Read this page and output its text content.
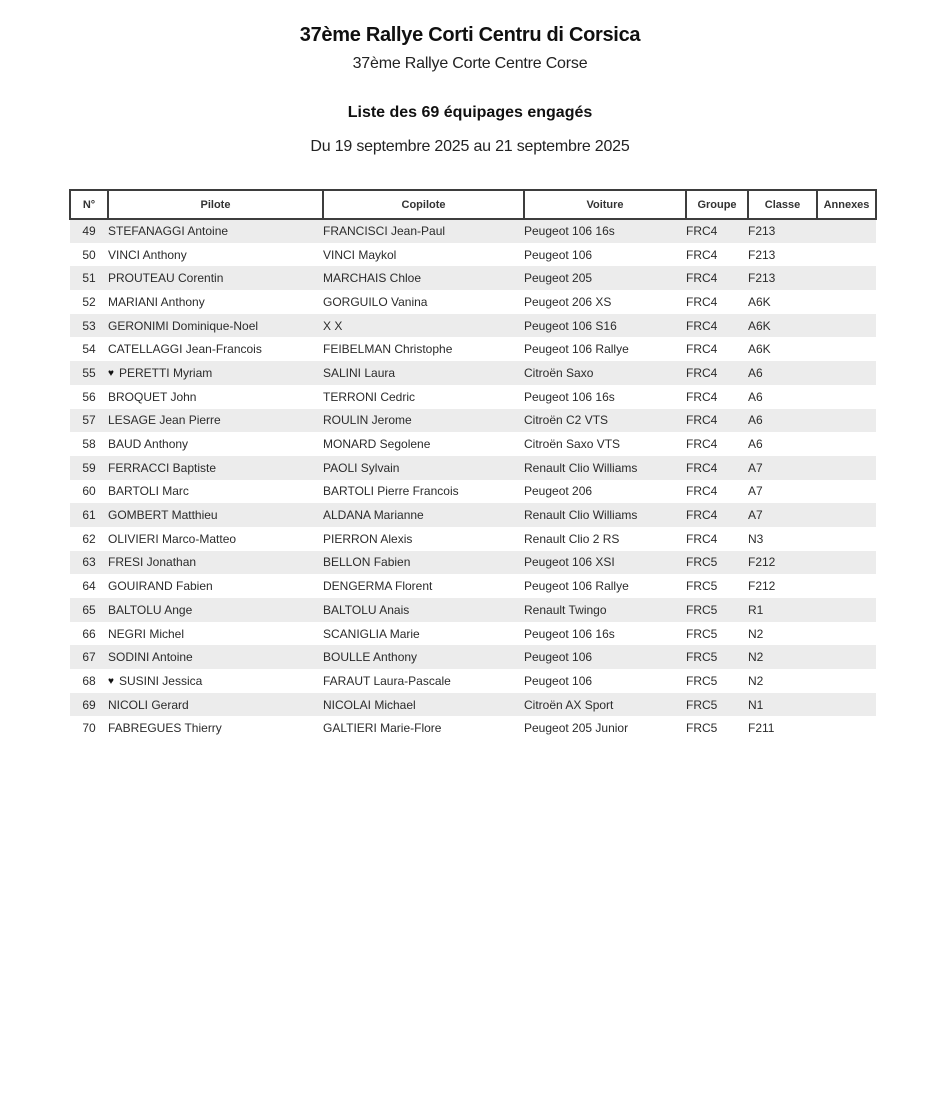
37ème Rallye Corti Centru di Corsica
37ème Rallye Corte Centre Corse
Liste des 69 équipages engagés
Du 19 septembre 2025 au 21 septembre 2025
N°	Pilote	Copilote	Voiture	Groupe	Classe	Annexes
49	STEFANAGGI Antoine	FRANCISCI Jean-Paul	Peugeot 106 16s	FRC4	F213	
50	VINCI Anthony	VINCI Maykol	Peugeot 106	FRC4	F213	
51	PROUTEAU Corentin	MARCHAIS Chloe	Peugeot 205	FRC4	F213	
52	MARIANI Anthony	GORGUILO Vanina	Peugeot 206 XS	FRC4	A6K	
53	GERONIMI Dominique-Noel	X X	Peugeot 106 S16	FRC4	A6K	
54	CATELLAGGI Jean-Francois	FEIBELMAN Christophe	Peugeot 106 Rallye	FRC4	A6K	
55	♥ PERETTI Myriam	SALINI Laura	Citroën Saxo	FRC4	A6	
56	BROQUET John	TERRONI Cedric	Peugeot 106 16s	FRC4	A6	
57	LESAGE Jean Pierre	ROULIN Jerome	Citroën C2 VTS	FRC4	A6	
58	BAUD Anthony	MONARD Segolene	Citroën Saxo VTS	FRC4	A6	
59	FERRACCI Baptiste	PAOLI Sylvain	Renault Clio Williams	FRC4	A7	
60	BARTOLI Marc	BARTOLI Pierre Francois	Peugeot 206	FRC4	A7	
61	GOMBERT Matthieu	ALDANA Marianne	Renault Clio Williams	FRC4	A7	
62	OLIVIERI Marco-Matteo	PIERRON Alexis	Renault Clio 2 RS	FRC4	N3	
63	FRESI Jonathan	BELLON Fabien	Peugeot 106 XSI	FRC5	F212	
64	GOUIRAND Fabien	DENGERMA Florent	Peugeot 106 Rallye	FRC5	F212	
65	BALTOLU Ange	BALTOLU Anais	Renault Twingo	FRC5	R1	
66	NEGRI Michel	SCANIGLIA Marie	Peugeot 106 16s	FRC5	N2	
67	SODINI Antoine	BOULLE Anthony	Peugeot 106	FRC5	N2	
68	♥ SUSINI Jessica	FARAUT Laura-Pascale	Peugeot 106	FRC5	N2	
69	NICOLI Gerard	NICOLAI Michael	Citroën AX Sport	FRC5	N1	
70	FABREGUES Thierry	GALTIERI Marie-Flore	Peugeot 205 Junior	FRC5	F211	
